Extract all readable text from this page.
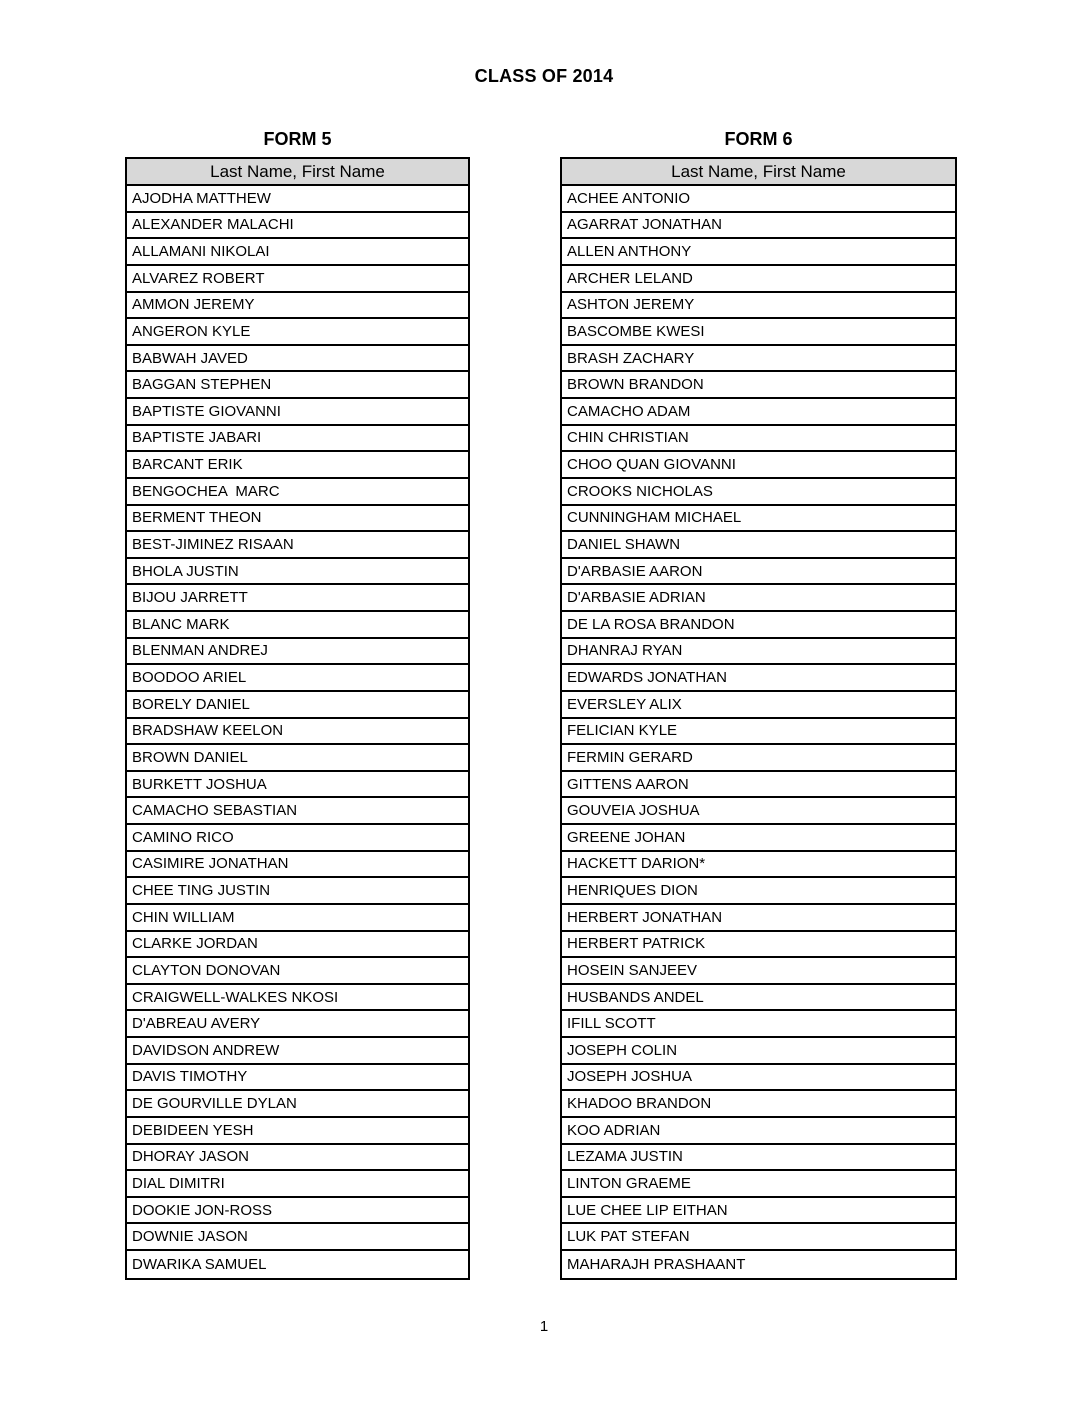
CLASS OF 2014
FORM 5	FORM 6
Last Name, First Name
AJODHA MATTHEW
ALEXANDER MALACHI
ALLAMANI NIKOLAI
ALVAREZ ROBERT
AMMON JEREMY
ANGERON KYLE
BABWAH JAVED
BAGGAN STEPHEN
BAPTISTE GIOVANNI
BAPTISTE JABARI
BARCANT ERIK
BENGOCHEA  MARC
BERMENT THEON
BEST-JIMINEZ RISAAN
BHOLA JUSTIN
BIJOU JARRETT
BLANC MARK
BLENMAN ANDREJ
BOODOO ARIEL
BORELY DANIEL
BRADSHAW KEELON
BROWN DANIEL
BURKETT JOSHUA
CAMACHO SEBASTIAN
CAMINO RICO
CASIMIRE JONATHAN
CHEE TING JUSTIN
CHIN WILLIAM
CLARKE JORDAN
CLAYTON DONOVAN
CRAIGWELL-WALKES NKOSI
D'ABREAU AVERY
DAVIDSON ANDREW
DAVIS TIMOTHY
DE GOURVILLE DYLAN
DEBIDEEN YESH
DHORAY JASON
DIAL DIMITRI
DOOKIE JON-ROSS
DOWNIE JASON
DWARIKA SAMUEL
Last Name, First Name
ACHEE ANTONIO
AGARRAT JONATHAN
ALLEN ANTHONY
ARCHER LELAND
ASHTON JEREMY
BASCOMBE KWESI
BRASH ZACHARY
BROWN BRANDON
CAMACHO ADAM
CHIN CHRISTIAN
CHOO QUAN GIOVANNI
CROOKS NICHOLAS
CUNNINGHAM MICHAEL
DANIEL SHAWN
D'ARBASIE AARON
D'ARBASIE ADRIAN
DE LA ROSA BRANDON
DHANRAJ RYAN
EDWARDS JONATHAN
EVERSLEY ALIX
FELICIAN KYLE
FERMIN GERARD
GITTENS AARON
GOUVEIA JOSHUA
GREENE JOHAN
HACKETT DARION*
HENRIQUES DION
HERBERT JONATHAN
HERBERT PATRICK
HOSEIN SANJEEV
HUSBANDS ANDEL
IFILL SCOTT
JOSEPH COLIN
JOSEPH JOSHUA
KHADOO BRANDON
KOO ADRIAN
LEZAMA JUSTIN
LINTON GRAEME
LUE CHEE LIP EITHAN
LUK PAT STEFAN
MAHARAJH PRASHAANT
1
